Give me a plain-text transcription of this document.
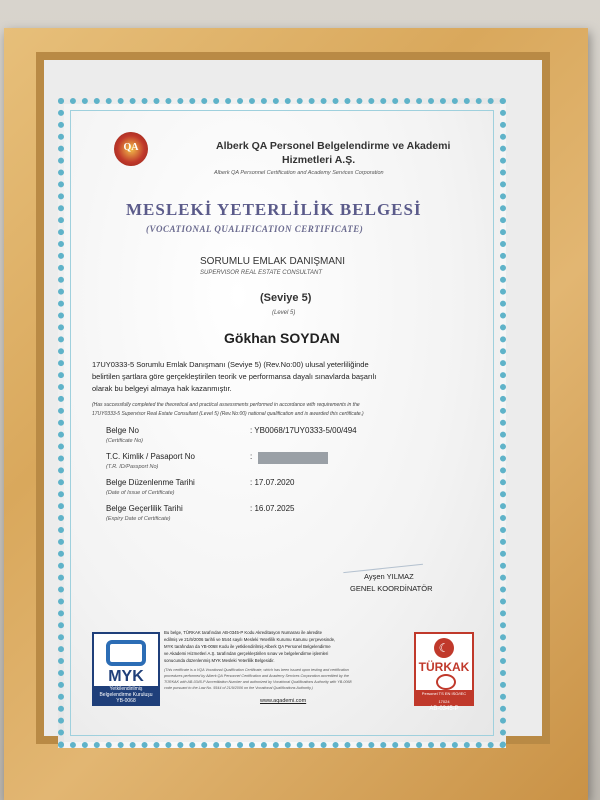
QA	Alberk QA Personel Belgelendirme ve Akademi
Hizmetleri A.Ş.
Alberk QA Personnel Certification and Academy Services Corporation
MESLEKİ YETERLİLİK BELGESİ
(VOCATIONAL QUALIFICATION CERTIFICATE)
SORUMLU EMLAK DANIŞMANI
SUPERVISOR REAL ESTATE CONSULTANT
(Seviye 5)
(Level 5)
Gökhan SOYDAN
17UY0333-5 Sorumlu Emlak Danışmanı (Seviye 5) (Rev.No:00) ulusal yeterliliğinde
belirtilen şartlara göre gerçekleştirilen teorik ve performansa dayalı sınavlarda başarılı
olarak bu belgeyi almaya hak kazanmıştır.
(Has successfully completed the theoretical and practical assessments performed in accordance with requirements in the
17UY0333-5 Supervisor Real Estate Consultant (Level 5) (Rev.No:00) national qualification and is awarded this certificate.)
Belge No
(Certificate No)
: YB0068/17UY0333-5/00/494
T.C. Kimlik / Pasaport No
(T.R. ID/Passport No)
:
Belge Düzenlenme Tarihi
(Date of Issue of Certificate)
: 17.07.2020
Belge Geçerlilik Tarihi
(Expiry Date of Certificate)
: 16.07.2025
Ayşen YILMAZ
GENEL KOORDİNATÖR
MYK
Yetkilendirilmiş Belgelendirme Kuruluşu
YB-0068
Bu belge, TÜRKAK tarafından AB-0345-P Kodu Akreditasyon Numarası ile akredite
edilmiş ve 21/9/2006 tarihli ve 5544 sayılı Mesleki Yeterlilik Kurumu Kanunu çerçevesinde,
MYK tarafından da YB-0068 Kodu ile yetkilendirilmiş Alberk QA Personel Belgelendirme
ve Akademi Hizmetleri A.Ş. tarafından gerçekleştirilen sınav ve belgelendirme işlemleri
sonucunda düzenlenmiş MYK Mesleki Yeterlilik Belgesidir.
(This certificate is a VQA Vocational Qualification Certificate, which has been issued upon testing and certification
procedures performed by Alberk QA Personnel Certification and Academy Services Corporation accredited by the
TÜRKAK with AB-0345-P Accreditation Number and authorized by Vocational Qualifications Authority with YB-0068
code pursuant to the Law No. 5544 of 21/9/2006 on the Vocational Qualifications Authority.)
www.aqademi.com
☾
TÜRKAK
Personel TS EN ISO/IEC 17024
AB-0345-P
